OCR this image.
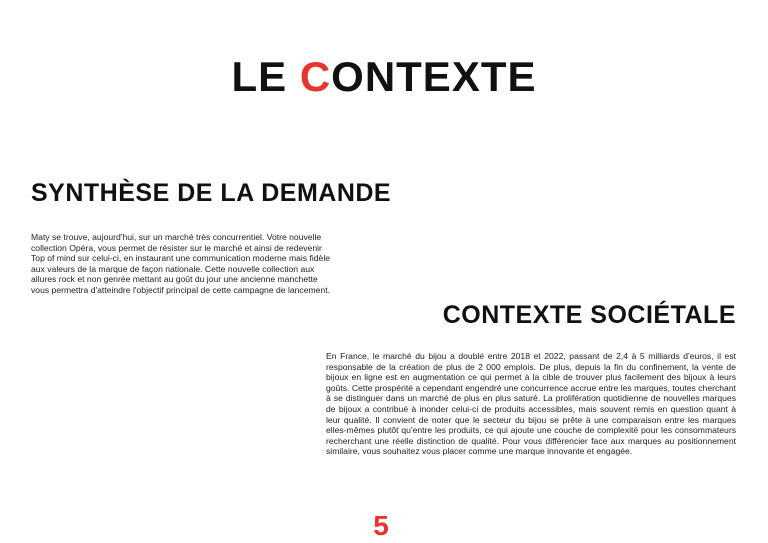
LE CONTEXTE
SYNTHÈSE DE LA DEMANDE

Maty se trouve, aujourd'hui, sur un marché très concurrentiel. Votre nouvelle collection Opéra, vous permet de résister sur le marché et ainsi de redevenir Top of mind sur celui-ci, en instaurant une communication moderne mais fidèle aux valeurs de la marque de façon nationale. Cette nouvelle collection aux allures rock et non genrée mettant au goût du jour une ancienne manchette vous permettra d'atteindre l'objectif principal de cette campagne de lancement.

CONTEXTE SOCIÉTALE

En France, le marché du bijou a doublé entre 2018 et 2022, passant de 2,4 à 5 milliards d'euros, il est responsable de la création de plus de 2 000 emplois. De plus, depuis la fin du confinement, la vente de bijoux en ligne est en augmentation ce qui permet à la cible de trouver plus facilement des bijoux à leurs goûts. Cette prospérité a cependant engendré une concurrence accrue entre les marques, toutes cherchant à se distinguer dans un marché de plus en plus saturé. La prolifération quotidienne de nouvelles marques de bijoux a contribué à inonder celui-ci de produits accessibles, mais souvent remis en question quant à leur qualité. Il convient de noter que le secteur du bijou se prête à une comparaison entre les marques elles-mêmes plutôt qu'entre les produits, ce qui ajoute une couche de complexité pour les consommateurs recherchant une réelle distinction de qualité. Pour vous différencier face aux marques au positionnement similaire, vous souhaitez vous placer comme une marque innovante et engagée.

5
